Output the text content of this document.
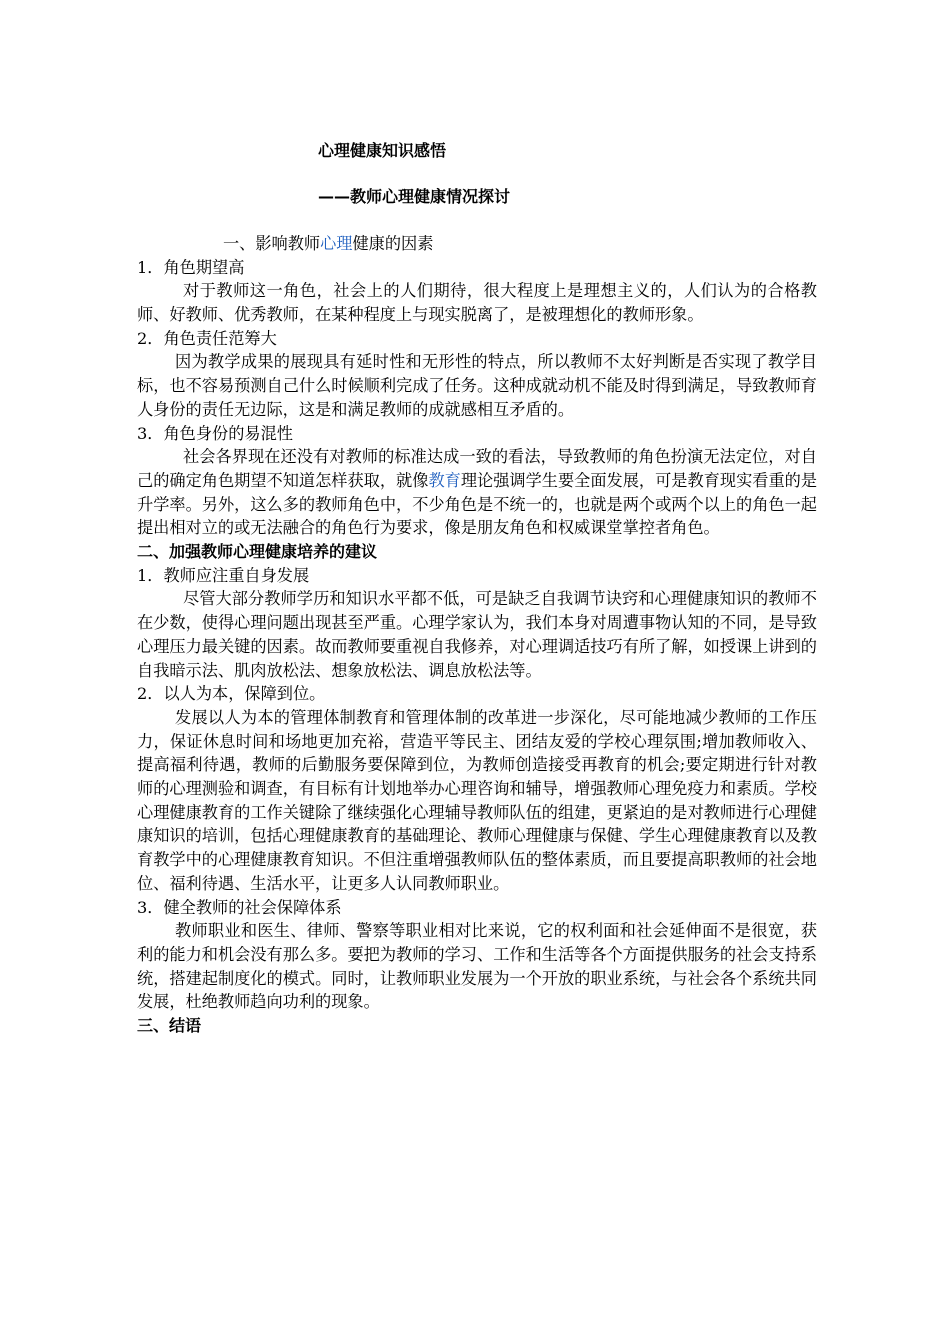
心理健康知识感悟
——教师心理健康情况探讨
一、影响教师心理健康的因素
1．角色期望高
对于教师这一角色，社会上的人们期待，很大程度上是理想主义的，人们认为的合格教师、好教师、优秀教师，在某种程度上与现实脱离了，是被理想化的教师形象。
2．角色责任范筹大
因为教学成果的展现具有延时性和无形性的特点，所以教师不太好判断是否实现了教学目标，也不容易预测自己什么时候顺利完成了任务。这种成就动机不能及时得到满足，导致教师育人身份的责任无边际，这是和满足教师的成就感相互矛盾的。
3．角色身份的易混性
社会各界现在还没有对教师的标准达成一致的看法，导致教师的角色扮演无法定位，对自己的确定角色期望不知道怎样获取，就像教育理论强调学生要全面发展，可是教育现实看重的是升学率。另外，这么多的教师角色中，不少角色是不统一的，也就是两个或两个以上的角色一起提出相对立的或无法融合的角色行为要求，像是朋友角色和权威课堂掌控者角色。
二、加强教师心理健康培养的建议
1．教师应注重自身发展
尽管大部分教师学历和知识水平都不低，可是缺乏自我调节诀窍和心理健康知识的教师不在少数，使得心理问题出现甚至严重。心理学家认为，我们本身对周遭事物认知的不同，是导致心理压力最关键的因素。故而教师要重视自我修养，对心理调适技巧有所了解，如授课上讲到的自我暗示法、肌肉放松法、想象放松法、调息放松法等。
2．以人为本，保障到位。
发展以人为本的管理体制教育和管理体制的改革进一步深化，尽可能地减少教师的工作压力，保证休息时间和场地更加充裕，营造平等民主、团结友爱的学校心理氛围;增加教师收入、提高福利待遇，教师的后勤服务要保障到位，为教师创造接受再教育的机会;要定期进行针对教师的心理测验和调查，有目标有计划地举办心理咨询和辅导，增强教师心理免疫力和素质。学校心理健康教育的工作关键除了继续强化心理辅导教师队伍的组建，更紧迫的是对教师进行心理健康知识的培训，包括心理健康教育的基础理论、教师心理健康与保健、学生心理健康教育以及教育教学中的心理健康教育知识。不但注重增强教师队伍的整体素质，而且要提高职教师的社会地位、福利待遇、生活水平，让更多人认同教师职业。
3．健全教师的社会保障体系
教师职业和医生、律师、警察等职业相对比来说，它的权利面和社会延伸面不是很宽，获利的能力和机会没有那么多。要把为教师的学习、工作和生活等各个方面提供服务的社会支持系统，搭建起制度化的模式。同时，让教师职业发展为一个开放的职业系统，与社会各个系统共同发展，杜绝教师趋向功利的现象。
三、结语
